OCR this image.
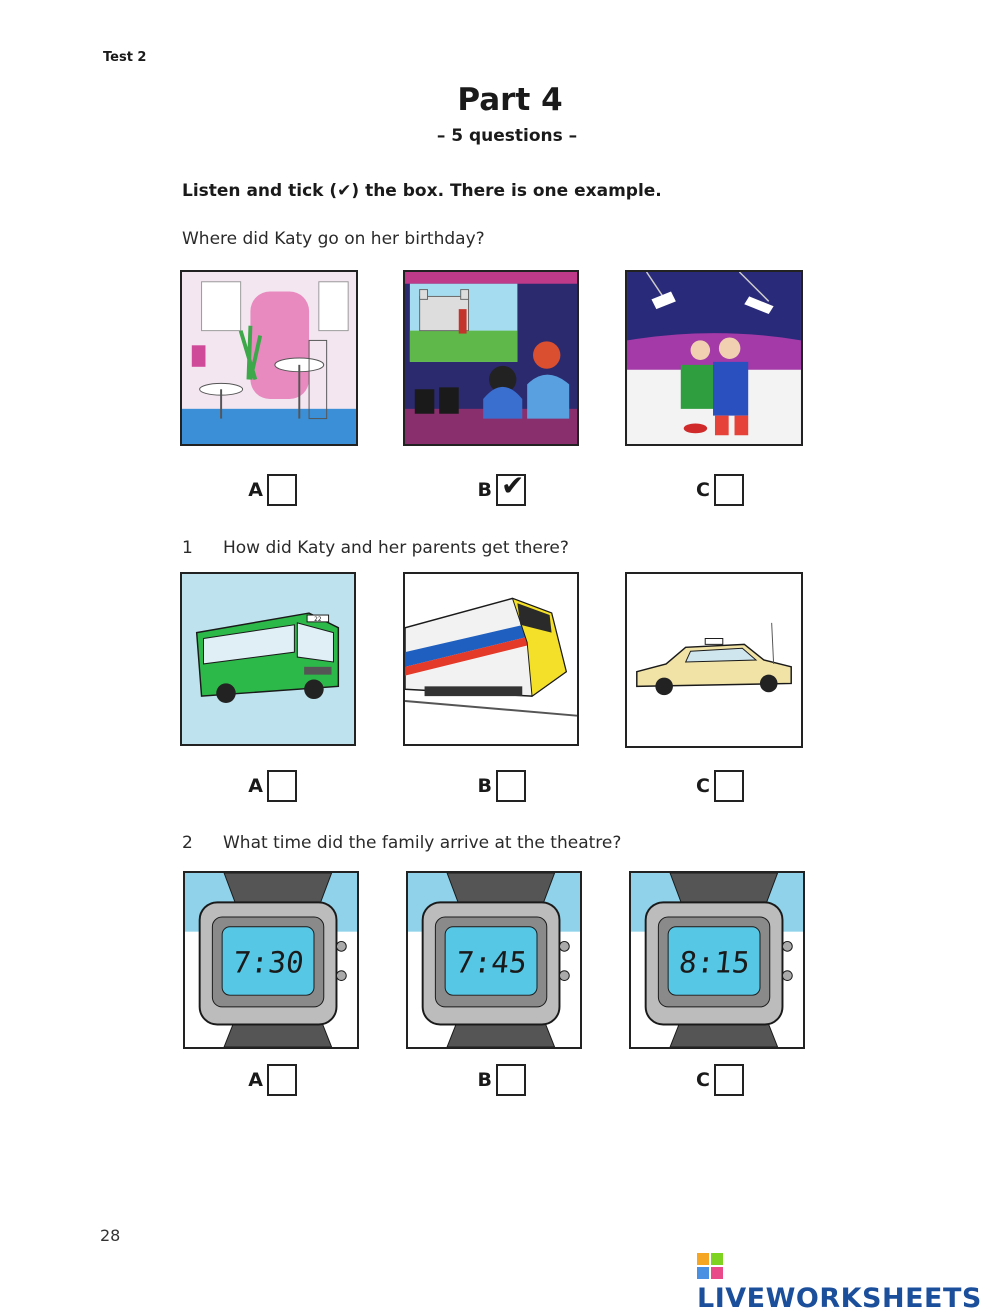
Test 2
Part 4
– 5 questions –
Listen and tick (✔) the box. There is one example.
Where did Katy go on her birthday?
A	B ✔	C
1 How did Katy and her parents get there?
22
A	B	C
2 What time did the family arrive at the theatre?
7:30	7:45	8:15
A	B	C
28
LIVEWORKSHEETS
